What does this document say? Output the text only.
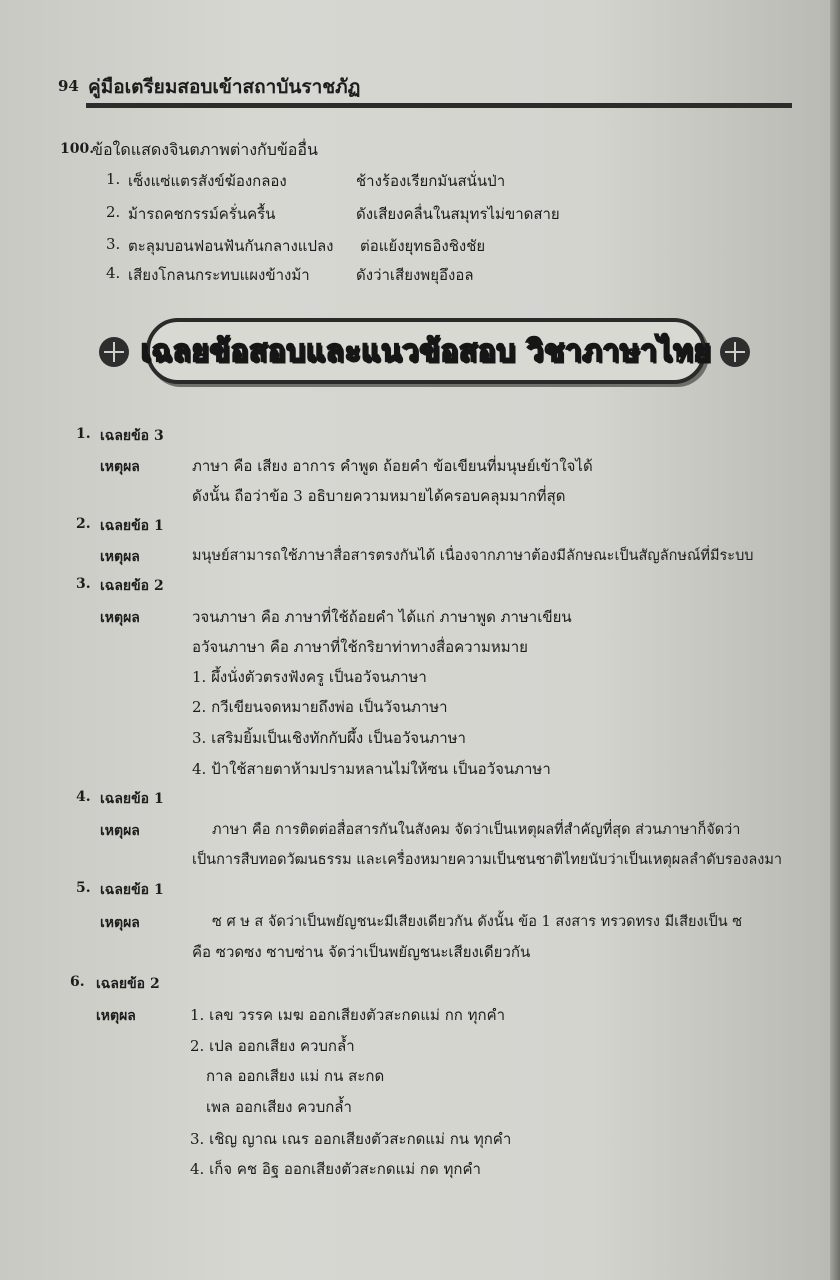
94 คู่มือเตรียมสอบเข้าสถาบันราชภัฏ
100.
ข้อใดแสดงจินตภาพต่างกับข้ออื่น
1. เซ็งแซ่แตรสังข์ฆ้องกลอง	ช้างร้องเรียกมันสนั่นป่า
2. ม้ารถคชกรรม์ครั่นครื้น	ดังเสียงคลื่นในสมุทรไม่ขาดสาย
3. ตะลุมบอนฟอนฟันกันกลางแปลง ต่อแย้งยุทธอิงชิงชัย
4. เสียงโกลนกระทบแผงข้างม้า	ดังว่าเสียงพยุอึงอล
เฉลยข้อสอบและแนวข้อสอบ วิชาภาษาไทย
1. เฉลยข้อ 3
เหตุผล	ภาษา คือ เสียง อาการ คำพูด ถ้อยคำ ข้อเขียนที่มนุษย์เข้าใจได้
ดังนั้น ถือว่าข้อ 3 อธิบายความหมายได้ครอบคลุมมากที่สุด
2. เฉลยข้อ 1
เหตุผล	มนุษย์สามารถใช้ภาษาสื่อสารตรงกันได้ เนื่องจากภาษาต้องมีลักษณะเป็นสัญลักษณ์ที่มีระบบ
3. เฉลยข้อ 2
เหตุผล	วจนภาษา คือ ภาษาที่ใช้ถ้อยคำ ได้แก่ ภาษาพูด ภาษาเขียน
อวัจนภาษา คือ ภาษาที่ใช้กริยาท่าทางสื่อความหมาย
1. ผึ้งนั่งตัวตรงฟังครู เป็นอวัจนภาษา
2. กวีเขียนจดหมายถึงพ่อ เป็นวัจนภาษา
3. เสริมยิ้มเป็นเชิงทักกับผึ้ง เป็นอวัจนภาษา
4. ป้าใช้สายตาห้ามปรามหลานไม่ให้ซน เป็นอวัจนภาษา
4. เฉลยข้อ 1
เหตุผล	ภาษา คือ การติดต่อสื่อสารกันในสังคม จัดว่าเป็นเหตุผลที่สำคัญที่สุด ส่วนภาษาก็จัดว่า
เป็นการสืบทอดวัฒนธรรม และเครื่องหมายความเป็นชนชาติไทยนับว่าเป็นเหตุผลลำดับรองลงมา
5. เฉลยข้อ 1
เหตุผล	ซ ศ ษ ส จัดว่าเป็นพยัญชนะมีเสียงเดียวกัน ดังนั้น ข้อ 1 สงสาร ทรวดทรง มีเสียงเป็น ซ
คือ ซวดซง ซาบซ่าน จัดว่าเป็นพยัญชนะเสียงเดียวกัน
6. เฉลยข้อ 2
เหตุผล	1. เลข วรรค เมฆ ออกเสียงตัวสะกดแม่ กก ทุกคำ
2. เปล ออกเสียง ควบกล้ำ
กาล ออกเสียง แม่ กน สะกด
เพล ออกเสียง ควบกล้ำ
3. เชิญ ญาณ เณร ออกเสียงตัวสะกดแม่ กน ทุกคำ
4. เก็จ คช อิฐ ออกเสียงตัวสะกดแม่ กด ทุกคำ
